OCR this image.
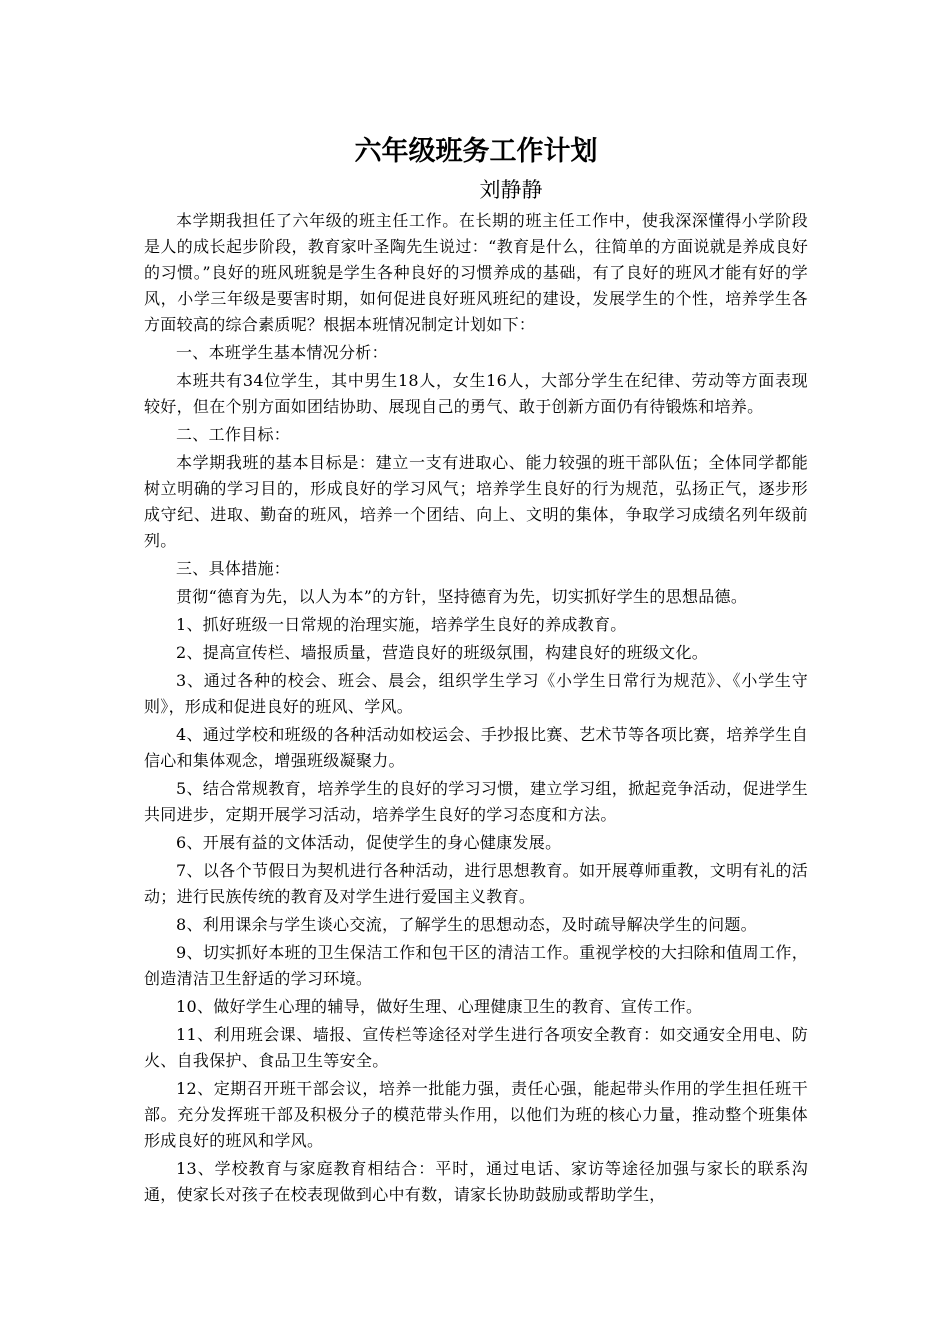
六年级班务工作计划
刘静静

本学期我担任了六年级的班主任工作。在长期的班主任工作中，使我深深懂得小学阶段是人的成长起步阶段，教育家叶圣陶先生说过：“教育是什么，往简单的方面说就是养成良好的习惯。”良好的班风班貌是学生各种良好的习惯养成的基础，有了良好的班风才能有好的学风，小学三年级是要害时期，如何促进良好班风班纪的建设，发展学生的个性，培养学生各方面较高的综合素质呢？根据本班情况制定计划如下：

一、本班学生基本情况分析：

本班共有34位学生，其中男生18人，女生16人，大部分学生在纪律、劳动等方面表现较好，但在个别方面如团结协助、展现自己的勇气、敢于创新方面仍有待锻炼和培养。

二、工作目标：

本学期我班的基本目标是：建立一支有进取心、能力较强的班干部队伍；全体同学都能树立明确的学习目的，形成良好的学习风气；培养学生良好的行为规范，弘扬正气，逐步形成守纪、进取、勤奋的班风，培养一个团结、向上、文明的集体，争取学习成绩名列年级前列。

三、具体措施：

贯彻“德育为先，以人为本”的方针，坚持德育为先，切实抓好学生的思想品德。

1、抓好班级一日常规的治理实施，培养学生良好的养成教育。

2、提高宣传栏、墙报质量，营造良好的班级氛围，构建良好的班级文化。

3、通过各种的校会、班会、晨会，组织学生学习《小学生日常行为规范》、《小学生守则》，形成和促进良好的班风、学风。

4、通过学校和班级的各种活动如校运会、手抄报比赛、艺术节等各项比赛，培养学生自信心和集体观念，增强班级凝聚力。

5、结合常规教育，培养学生的良好的学习习惯，建立学习组，掀起竞争活动，促进学生共同进步，定期开展学习活动，培养学生良好的学习态度和方法。

6、开展有益的文体活动，促使学生的身心健康发展。

7、以各个节假日为契机进行各种活动，进行思想教育。如开展尊师重教，文明有礼的活动；进行民族传统的教育及对学生进行爱国主义教育。

8、利用课余与学生谈心交流，了解学生的思想动态，及时疏导解决学生的问题。

9、切实抓好本班的卫生保洁工作和包干区的清洁工作。重视学校的大扫除和值周工作，创造清洁卫生舒适的学习环境。

10、做好学生心理的辅导，做好生理、心理健康卫生的教育、宣传工作。

11、利用班会课、墙报、宣传栏等途径对学生进行各项安全教育：如交通安全用电、防火、自我保护、食品卫生等安全。

12、定期召开班干部会议，培养一批能力强，责任心强，能起带头作用的学生担任班干部。充分发挥班干部及积极分子的模范带头作用，以他们为班的核心力量，推动整个班集体形成良好的班风和学风。

13、学校教育与家庭教育相结合：平时，通过电话、家访等途径加强与家长的联系沟通，使家长对孩子在校表现做到心中有数，请家长协助鼓励或帮助学生，
